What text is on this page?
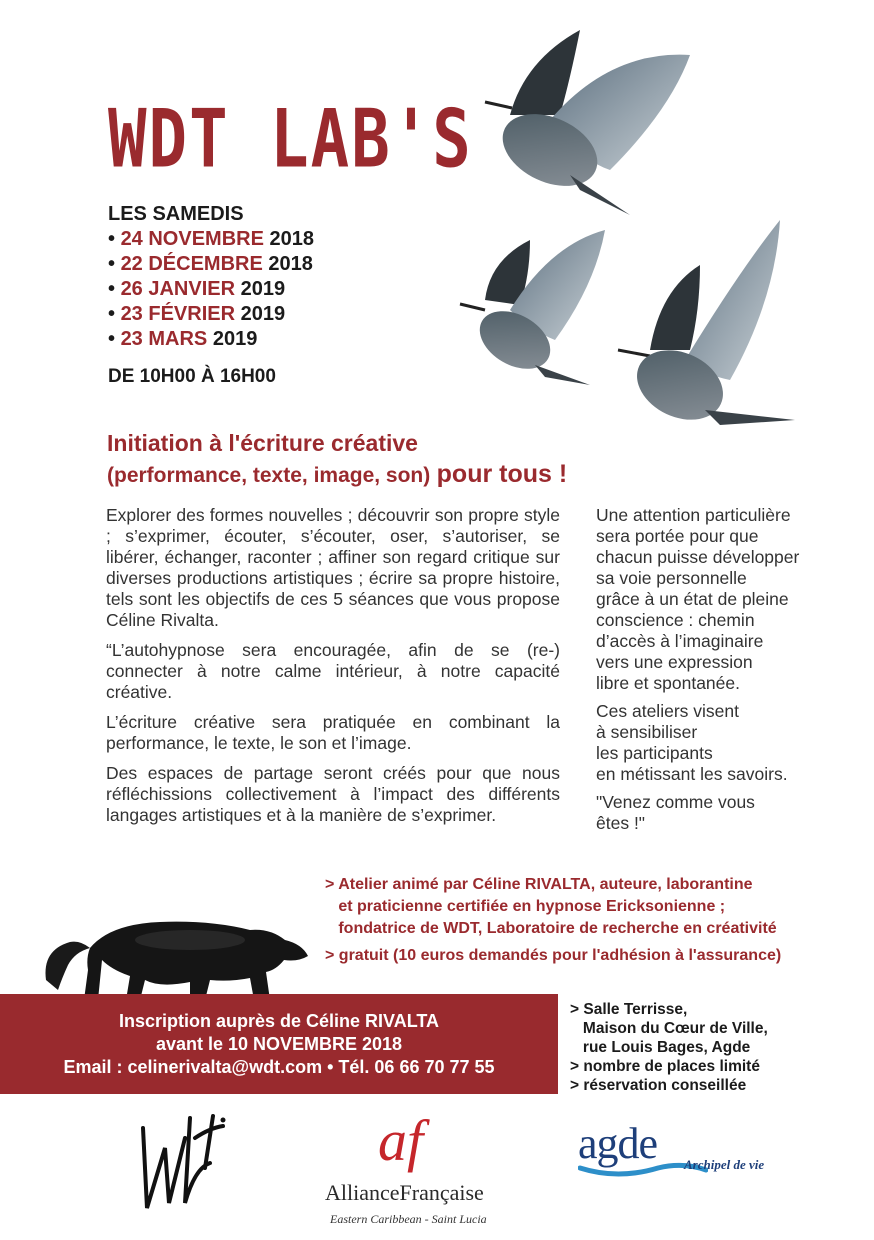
WDT LAB'S
LES SAMEDIS
• 24 NOVEMBRE 2018
• 22 DÉCEMBRE 2018
• 26 JANVIER 2019
• 23 FÉVRIER 2019
• 23 MARS 2019
DE 10H00 À 16H00
Initiation à l'écriture créative
(performance, texte, image, son) pour tous !

Explorer des formes nouvelles ; découvrir son propre style ; s’exprimer, écouter, s’écouter, oser, s’autoriser, se libérer, échanger, raconter ; affiner son regard critique sur diverses productions artistiques ; écrire sa propre histoire, tels sont les objectifs de ces 5 séances que vous propose Céline Rivalta.

“L’autohypnose sera encouragée, afin de se (re-) connecter à notre calme intérieur, à notre capacité créative.

L’écriture créative sera pratiquée en combinant la performance, le texte, le son et l’image.

Des espaces de partage seront créés pour que nous réfléchissions collectivement à l’impact des différents langages artistiques et à la manière de s’exprimer.

Une attention particulière
sera portée pour que
chacun puisse développer
sa voie personnelle
grâce à un état de pleine
conscience : chemin
d’accès à l’imaginaire
vers une expression
libre et spontanée.

Ces ateliers visent
à sensibiliser
les participants
en métissant les savoirs.

"Venez comme vous
êtes !"

> Atelier animé par Céline RIVALTA, auteure, laborantine
et praticienne certifiée en hypnose Ericksonienne ;
fondatrice de WDT, Laboratoire de recherche en créativité
> gratuit (10 euros demandés pour l'adhésion à l'assurance)
Inscription auprès de Céline RIVALTA
avant le 10 NOVEMBRE 2018
Email : celinerivalta@wdt.com • Tél. 06 66 70 77 55
> Salle Terrisse,
Maison du Cœur de Ville,
rue Louis Bages, Agde
> nombre de places limité
> réservation conseillée
af
AllianceFrançaise
Eastern Caribbean - Saint Lucia
agde Archipel de vie
